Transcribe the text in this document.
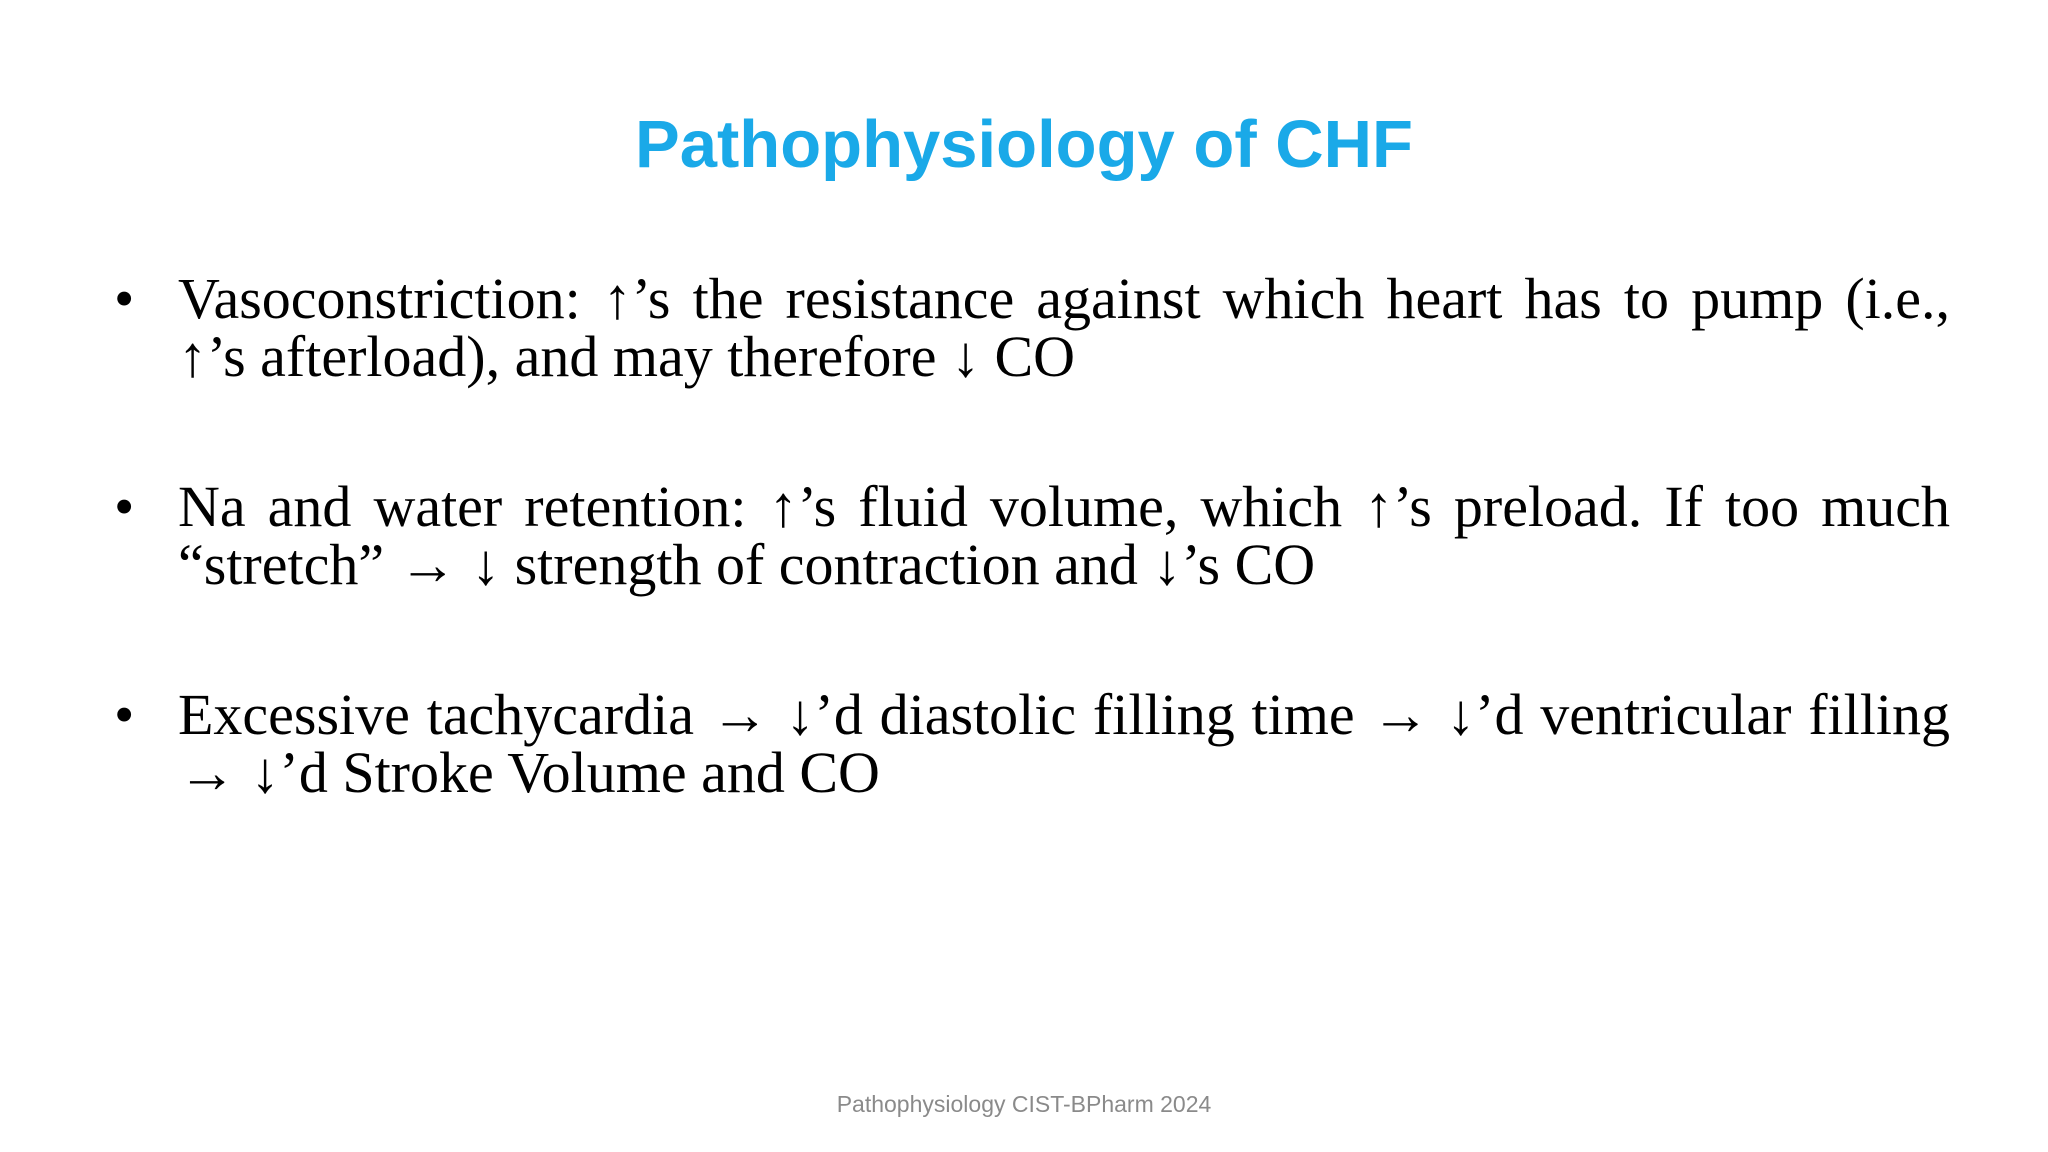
Pathophysiology of CHF
• Vasoconstriction: ↑’s the resistance against which heart has to pump (i.e., ↑’s afterload), and may therefore ↓ CO
• Na and water retention: ↑’s fluid volume, which ↑’s preload. If too much “stretch” → ↓ strength of contraction and ↓’s CO
• Excessive tachycardia → ↓’d diastolic filling time → ↓’d ventricular filling → ↓’d Stroke Volume and CO
Pathophysiology CIST-BPharm 2024
